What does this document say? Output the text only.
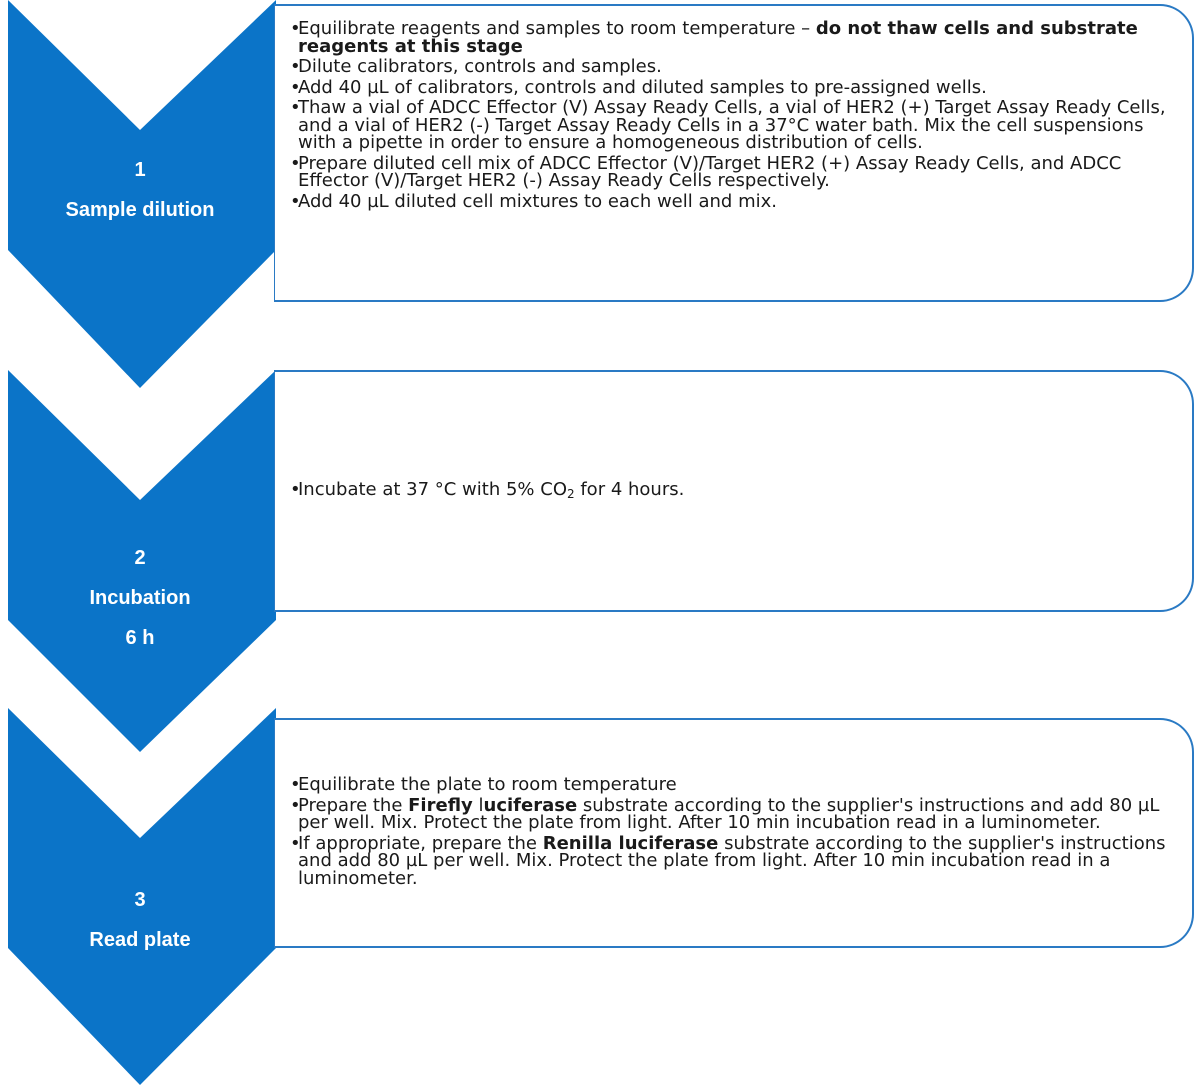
1
Sample dilution
2
Incubation
6 h
3
Read plate
• Equilibrate reagents and samples to room temperature – do not thaw cells and substrate reagents at this stage
• Dilute calibrators, controls and samples.
• Add 40 µL of calibrators, controls and diluted samples to pre-assigned wells.
• Thaw a vial of ADCC Effector (V) Assay Ready Cells, a vial of HER2 (+) Target Assay Ready Cells, and a vial of HER2 (-) Target Assay Ready Cells in a 37°C water bath. Mix the cell suspensions with a pipette in order to ensure a homogeneous distribution of cells.
• Prepare diluted cell mix of ADCC Effector (V)/Target HER2 (+) Assay Ready Cells, and ADCC Effector (V)/Target HER2 (-) Assay Ready Cells respectively.
• Add 40 µL diluted cell mixtures to each well and mix.
• Incubate at 37 °C with 5% $CO_2$ for 4 hours.
• Equilibrate the plate to room temperature
• Prepare the Firefly luciferase substrate according to the supplier's instructions and add 80 µL per well. Mix. Protect the plate from light. After 10 min incubation read in a luminometer.
• If appropriate, prepare the Renilla luciferase substrate according to the supplier's instructions and add 80 µL per well. Mix. Protect the plate from light. After 10 min incubation read in a luminometer.
